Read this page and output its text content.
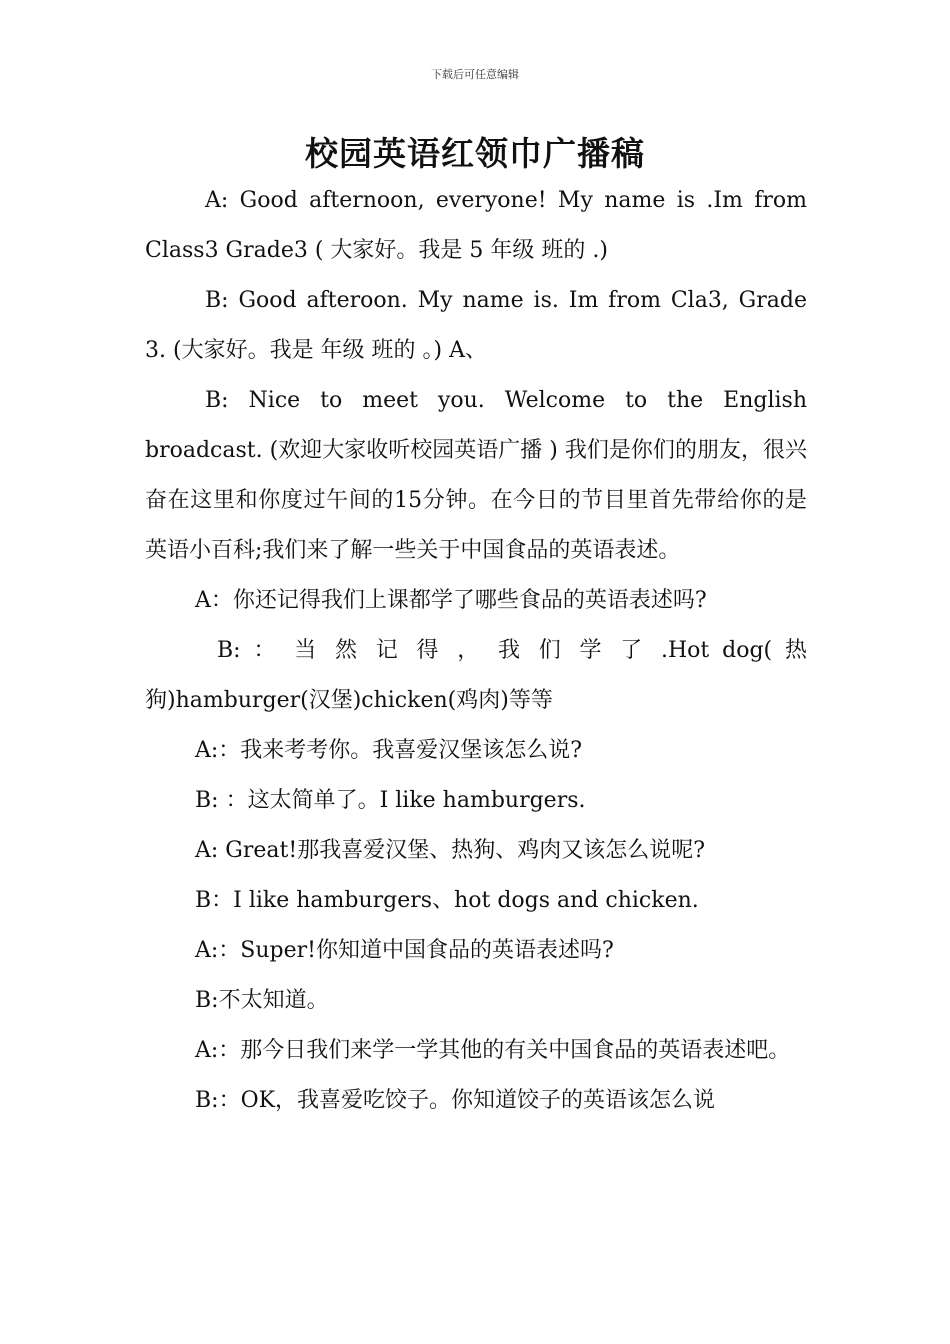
下载后可任意编辑
校园英语红领巾广播稿

A: Good afternoon, everyone! My name is .Im from Class3 Grade3 ( 大家好。我是 5 年级 班的 .)

B: Good afteroon. My name is. Im from Cla3, Grade 3. (大家好。我是 年级 班的 。) A、

B: Nice to meet you. Welcome to the English broadcast. (欢迎大家收听校园英语广播 ) 我们是你们的朋友，很兴奋在这里和你度过午间的15分钟。在今日的节目里首先带给你的是英语小百科;我们来了解一些关于中国食品的英语表述。

A：你还记得我们上课都学了哪些食品的英语表述吗?

B: ： 当 然 记 得 ， 我 们 学 了 .Hot dog( 热 狗)hamburger(汉堡)chicken(鸡肉)等等

A:：我来考考你。我喜爱汉堡该怎么说?

B: ：这太简单了。I like hamburgers.

A: Great!那我喜爱汉堡、热狗、鸡肉又该怎么说呢?

B：I like hamburgers、hot dogs and chicken.

A:：Super!你知道中国食品的英语表述吗?

B:不太知道。

A:：那今日我们来学一学其他的有关中国食品的英语表述吧。

B:：OK，我喜爱吃饺子。你知道饺子的英语该怎么说
